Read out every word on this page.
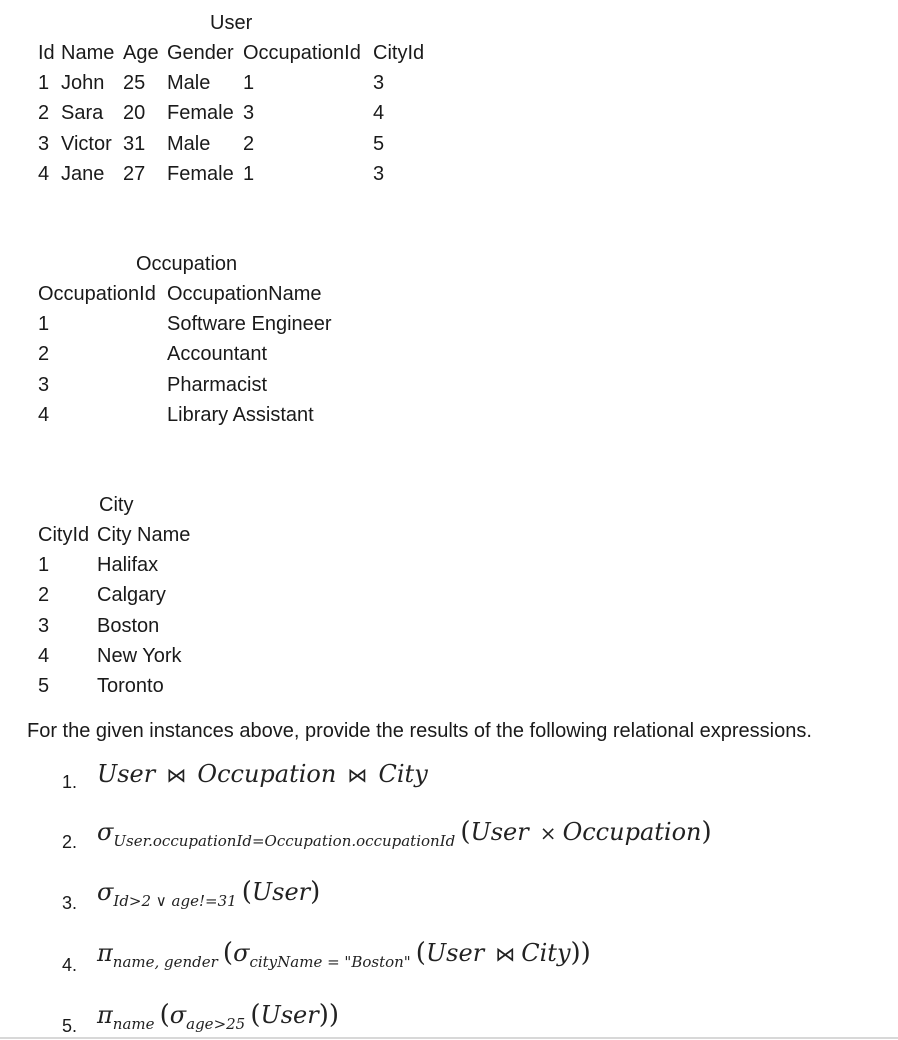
User
Id Name Age Gender OccupationId CityId
1 John 25 Male 1	3
2 Sara 20 Female 3	4
3 Victor 31 Male 2	5
4 Jane 27 Female 1	3
Occupation
OccupationId OccupationName
1	Software Engineer
2	Accountant
3	Pharmacist
4	Library Assistant
City
CityId City Name
1 Halifax
2 Calgary
3 Boston
4 New York
5 Toronto
For the given instances above, provide the results of the following relational expressions.
1. User ⋈ Occupation ⋈ City
2. σUser.occupationId=Occupation.occupationId (User × Occupation)
3. σId>2 ∨ age!=31 (User)
4. πname, gender (σcityName = "Boston" (User ⋈ City))
5. πname (σage>25 (User))
